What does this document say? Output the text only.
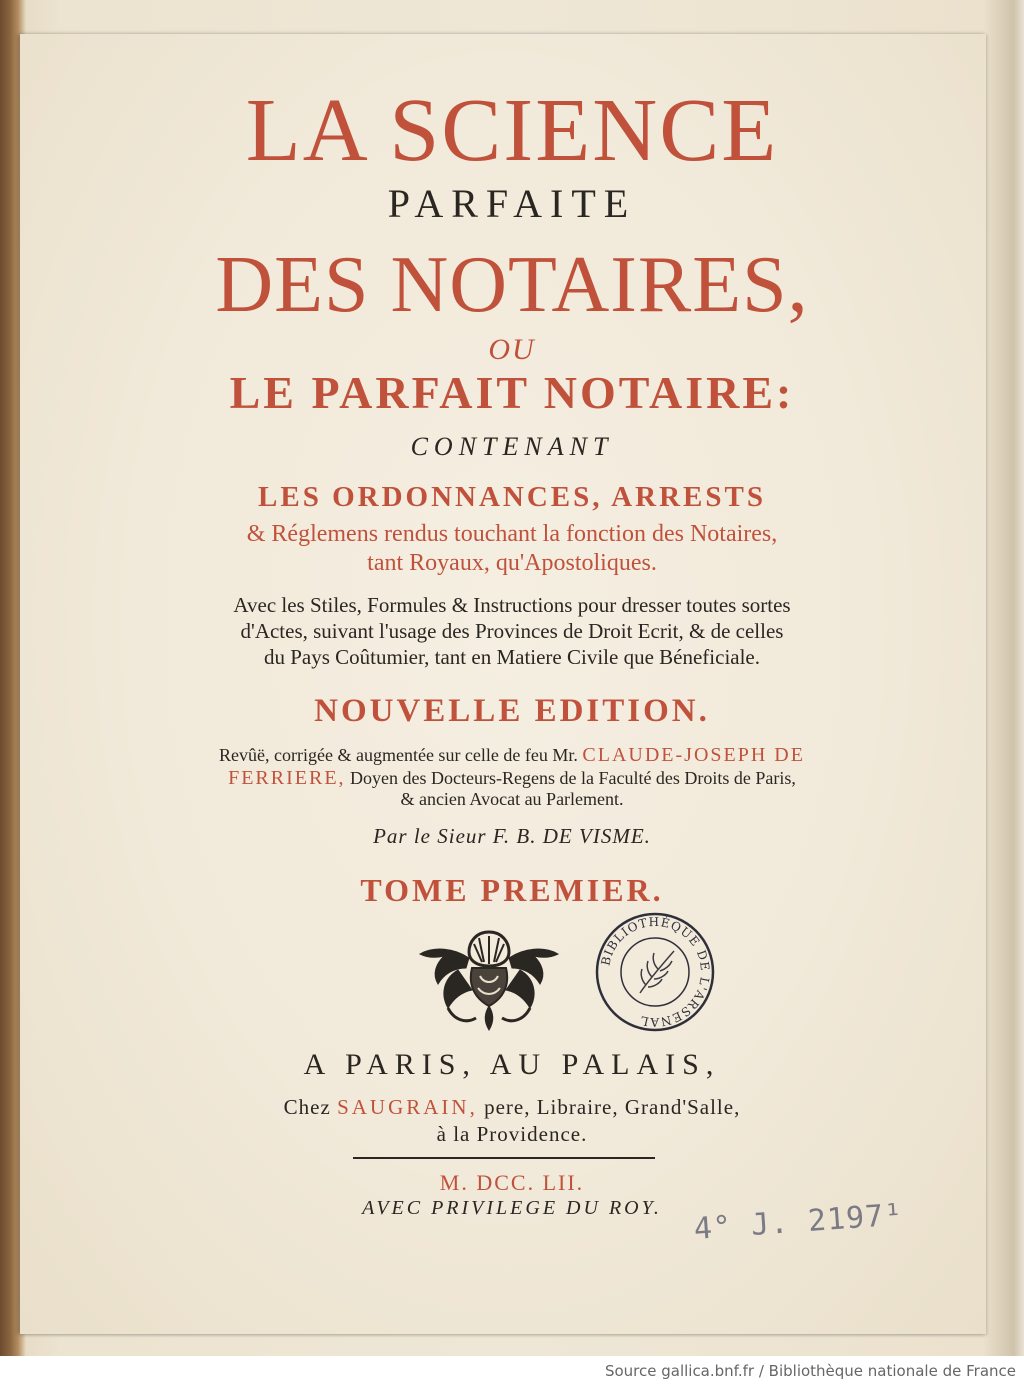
LA SCIENCE

PARFAITE

DES NOTAIRES,

OU

LE PARFAIT NOTAIRE:

CONTENANT

LES ORDONNANCES, ARRESTS

& Réglemens rendus touchant la fonction des Notaires,

tant Royaux, qu'Apostoliques.

Avec les Stiles, Formules & Instructions pour dresser toutes sortes

d'Actes, suivant l'usage des Provinces de Droit Ecrit, & de celles

du Pays Coûtumier, tant en Matiere Civile que Béneficiale.

NOUVELLE EDITION.

Revûë, corrigée & augmentée sur celle de feu Mr. CLAUDE-JOSEPH DE

FERRIERE, Doyen des Docteurs-Regens de la Faculté des Droits de Paris,

& ancien Avocat au Parlement.

Par le Sieur F. B. DE VISME.

TOME PREMIER.

BIBLIOTHÈQUE DE L'ARSENAL

A PARIS, AU PALAIS,

Chez SAUGRAIN, pere, Libraire, Grand'Salle,

à la Providence.

M. DCC. LII.

AVEC PRIVILEGE DU ROY.	4° J. 2197¹
Source gallica.bnf.fr / Bibliothèque nationale de France
